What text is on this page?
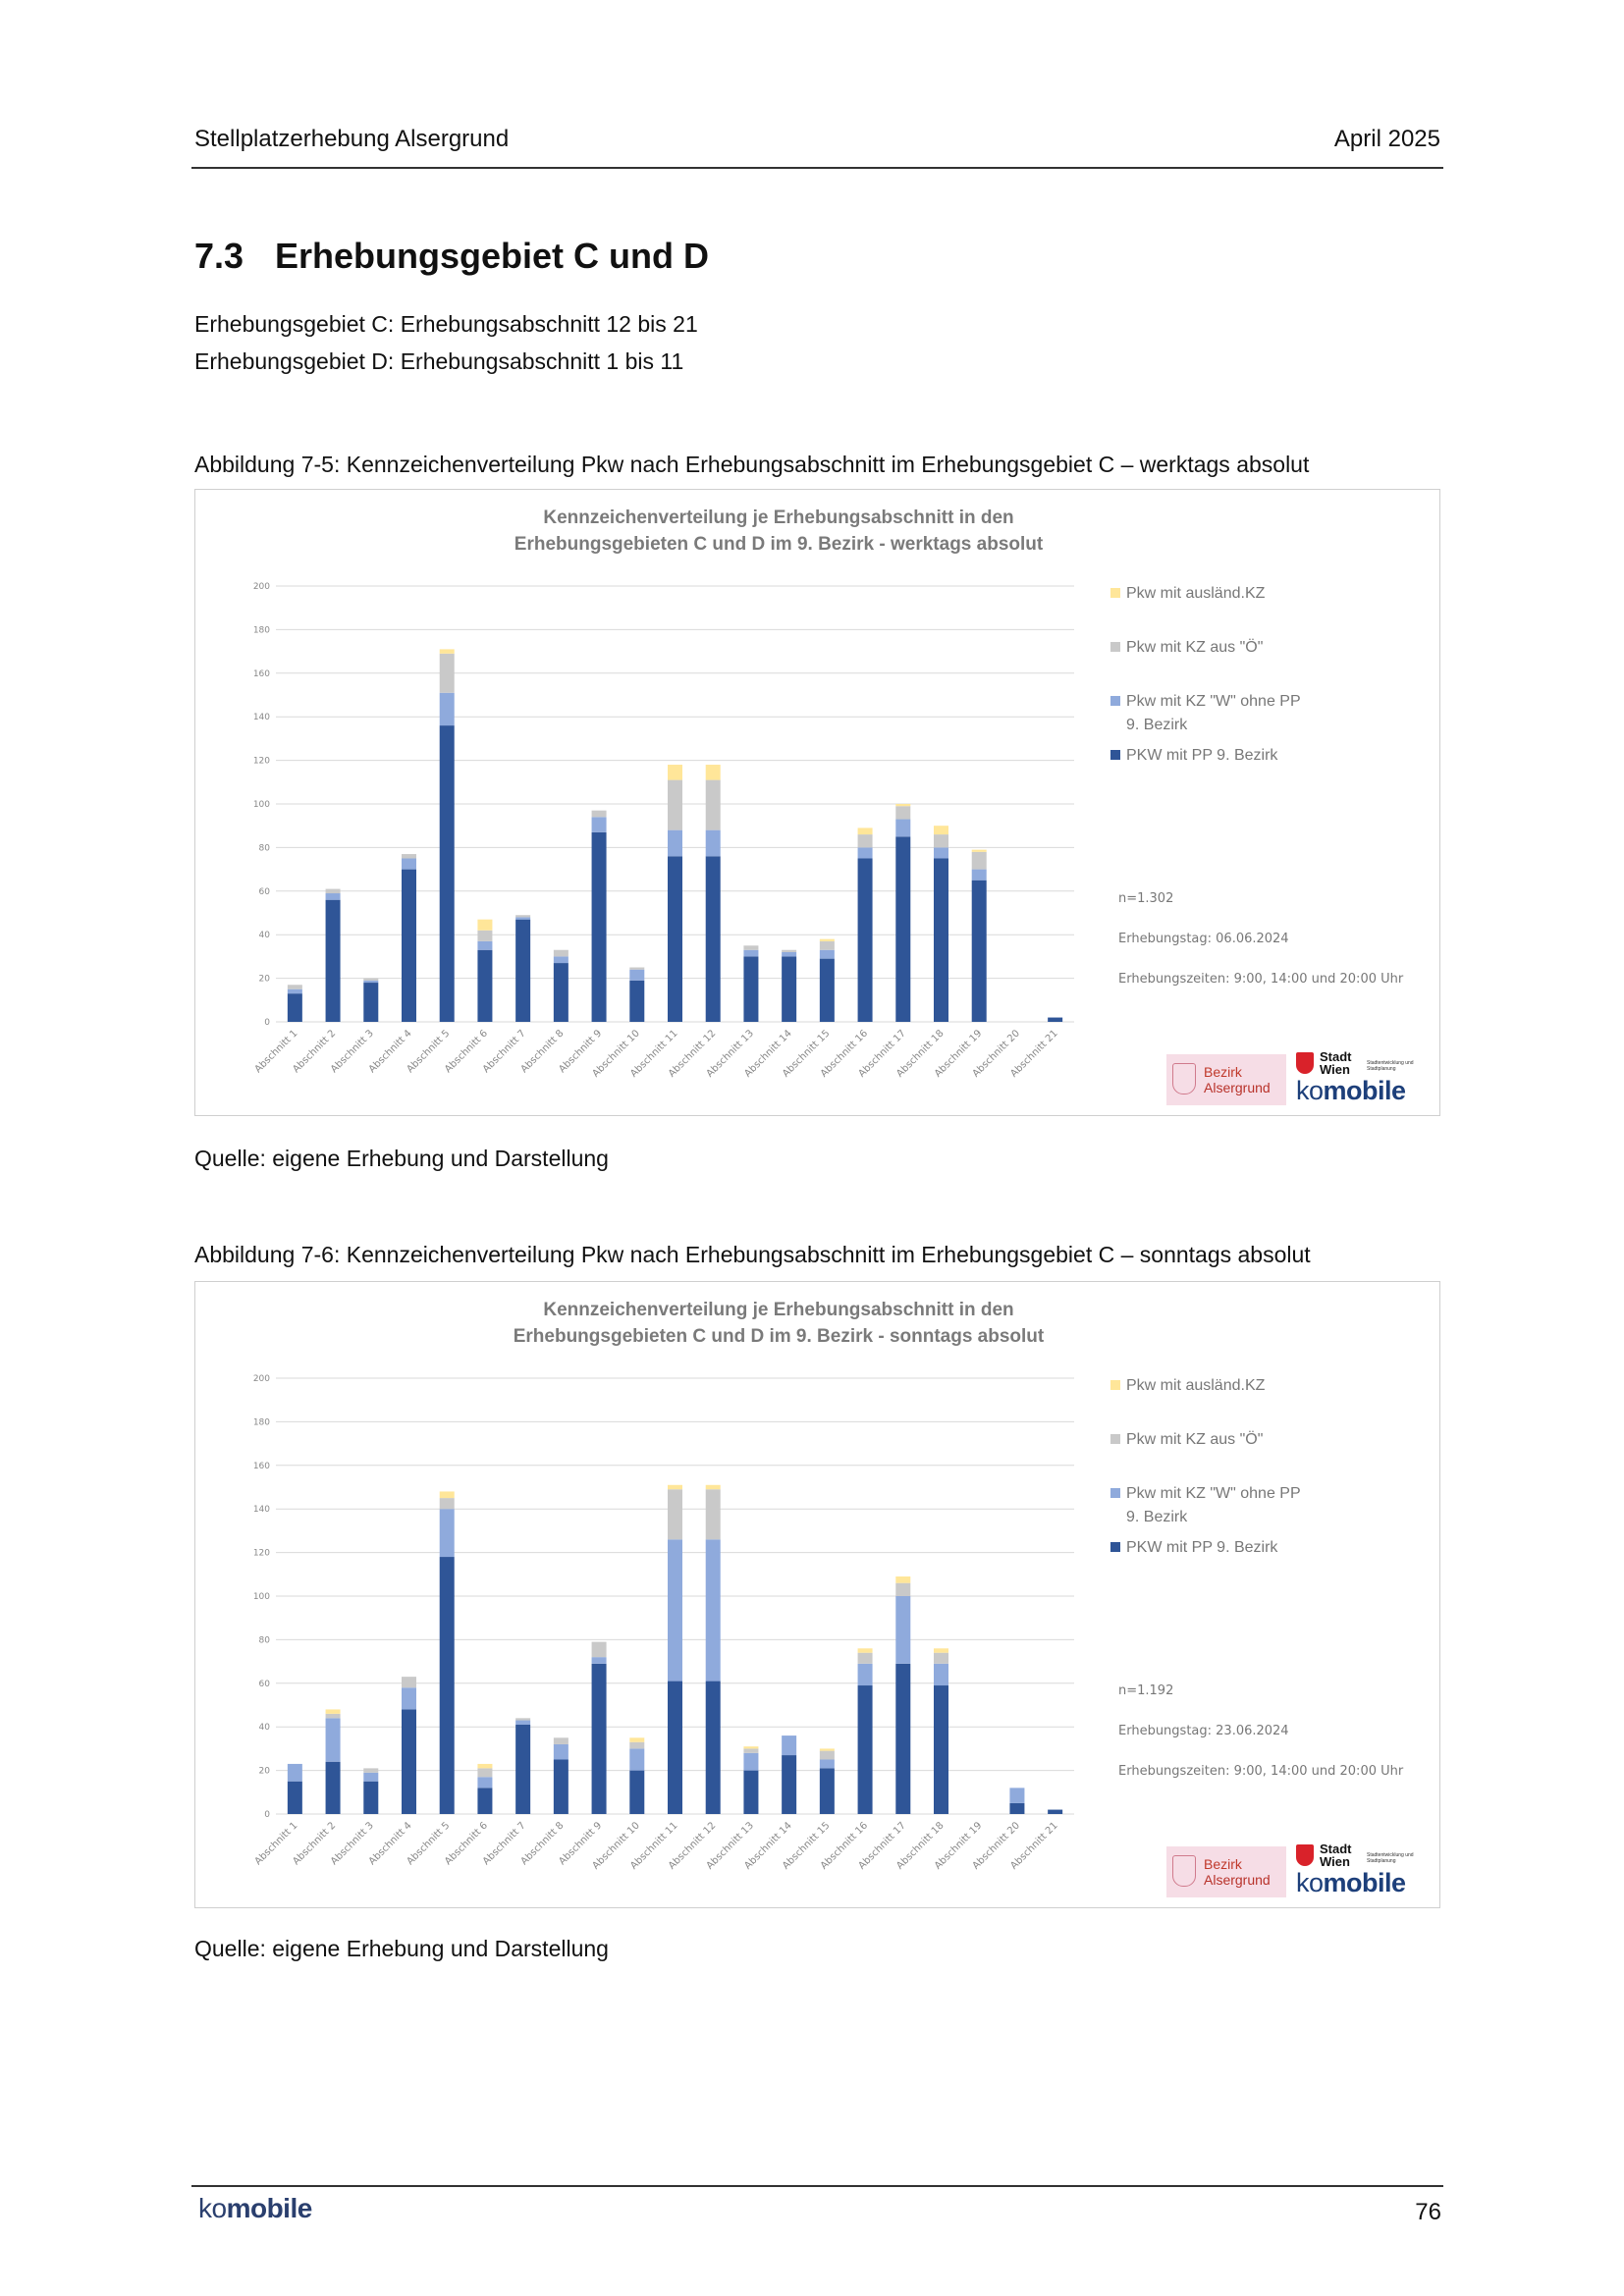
Stellplatzerhebung Alsergrund	April 2025
7.3 Erhebungsgebiet C und D

Erhebungsgebiet C: Erhebungsabschnitt 12 bis 21

Erhebungsgebiet D: Erhebungsabschnitt 1 bis 11

Abbildung 7-5: Kennzeichenverteilung Pkw nach Erhebungsabschnitt im Erhebungsgebiet C – werktags absolut

Kennzeichenverteilung je Erhebungsabschnitt in den
Erhebungsgebieten C und D im 9. Bezirk - werktags absolut
0
20
40
60
80
100
120
140
160
180
200
Abschnitt 1
Abschnitt 2
Abschnitt 3
Abschnitt 4
Abschnitt 5
Abschnitt 6
Abschnitt 7
Abschnitt 8
Abschnitt 9
Abschnitt 10
Abschnitt 11
Abschnitt 12
Abschnitt 13
Abschnitt 14
Abschnitt 15
Abschnitt 16
Abschnitt 17
Abschnitt 18
Abschnitt 19
Abschnitt 20
Abschnitt 21
Pkw mit ausländ.KZ
Pkw mit KZ aus "Ö"
Pkw mit KZ "W" ohne PP
9. Bezirk
PKW mit PP 9. Bezirk
n=1.302
Erhebungstag: 06.06.2024
Erhebungszeiten: 9:00, 14:00 und 20:00 Uhr
Bezirk
Alsergrund
Stadt
Wien	Stadtentwicklung und Stadtplanung
komobile

Quelle: eigene Erhebung und Darstellung

Abbildung 7-6: Kennzeichenverteilung Pkw nach Erhebungsabschnitt im Erhebungsgebiet C – sonntags absolut

Kennzeichenverteilung je Erhebungsabschnitt in den
Erhebungsgebieten C und D im 9. Bezirk - sonntags absolut
0
20
40
60
80
100
120
140
160
180
200
Abschnitt 1
Abschnitt 2
Abschnitt 3
Abschnitt 4
Abschnitt 5
Abschnitt 6
Abschnitt 7
Abschnitt 8
Abschnitt 9
Abschnitt 10
Abschnitt 11
Abschnitt 12
Abschnitt 13
Abschnitt 14
Abschnitt 15
Abschnitt 16
Abschnitt 17
Abschnitt 18
Abschnitt 19
Abschnitt 20
Abschnitt 21
Pkw mit ausländ.KZ
Pkw mit KZ aus "Ö"
Pkw mit KZ "W" ohne PP
9. Bezirk
PKW mit PP 9. Bezirk
n=1.192
Erhebungstag: 23.06.2024
Erhebungszeiten: 9:00, 14:00 und 20:00 Uhr
Bezirk
Alsergrund
Stadt
Wien	Stadtentwicklung und Stadtplanung
komobile

Quelle: eigene Erhebung und Darstellung

komobile	76
